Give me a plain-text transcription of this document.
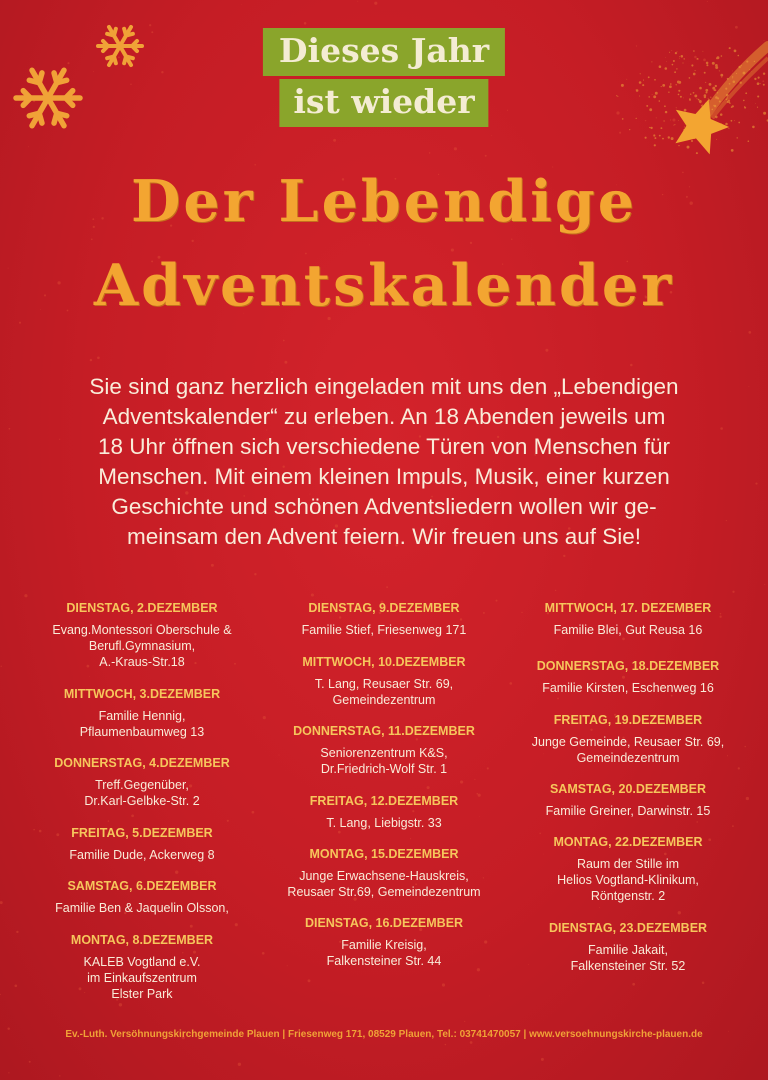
Dieses Jahr
ist wieder
Der Lebendige
Adventskalender
Sie sind ganz herzlich eingeladen mit uns den „Lebendigen
Adventskalender“ zu erleben. An 18 Abenden jeweils um
18 Uhr öffnen sich verschiedene Türen von Menschen für
Menschen. Mit einem kleinen Impuls, Musik, einer kurzen
Geschichte und schönen Adventsliedern wollen wir ge-
meinsam den Advent feiern. Wir freuen uns auf Sie!
DIENSTAG, 2.DEZEMBER
Evang.Montessori Oberschule &
Berufl.Gymnasium,
A.-Kraus-Str.18
MITTWOCH, 3.DEZEMBER
Familie Hennig,
Pflaumenbaumweg 13
DONNERSTAG, 4.DEZEMBER
Treff.Gegenüber,
Dr.Karl-Gelbke-Str. 2
FREITAG, 5.DEZEMBER
Familie Dude, Ackerweg 8
SAMSTAG, 6.DEZEMBER
Familie Ben & Jaquelin Olsson,
MONTAG, 8.DEZEMBER
KALEB Vogtland e.V.
im Einkaufszentrum
Elster Park
DIENSTAG, 9.DEZEMBER
Familie Stief, Friesenweg 171
MITTWOCH, 10.DEZEMBER
T. Lang, Reusaer Str. 69,
Gemeindezentrum
DONNERSTAG, 11.DEZEMBER
Seniorenzentrum K&S,
Dr.Friedrich-Wolf Str. 1
FREITAG, 12.DEZEMBER
T. Lang, Liebigstr. 33
MONTAG, 15.DEZEMBER
Junge Erwachsene-Hauskreis,
Reusaer Str.69, Gemeindezentrum
DIENSTAG, 16.DEZEMBER
Familie Kreisig,
Falkensteiner Str. 44
MITTWOCH, 17. DEZEMBER
Familie Blei, Gut Reusa 16
DONNERSTAG, 18.DEZEMBER
Familie Kirsten, Eschenweg 16
FREITAG, 19.DEZEMBER
Junge Gemeinde, Reusaer Str. 69,
Gemeindezentrum
SAMSTAG, 20.DEZEMBER
Familie Greiner, Darwinstr. 15
MONTAG, 22.DEZEMBER
Raum der Stille im
Helios Vogtland-Klinikum,
Röntgenstr. 2
DIENSTAG, 23.DEZEMBER
Familie Jakait,
Falkensteiner Str. 52
Ev.-Luth. Versöhnungskirchgemeinde Plauen | Friesenweg 171, 08529 Plauen, Tel.: 03741470057 | www.versoehnungskirche-plauen.de
